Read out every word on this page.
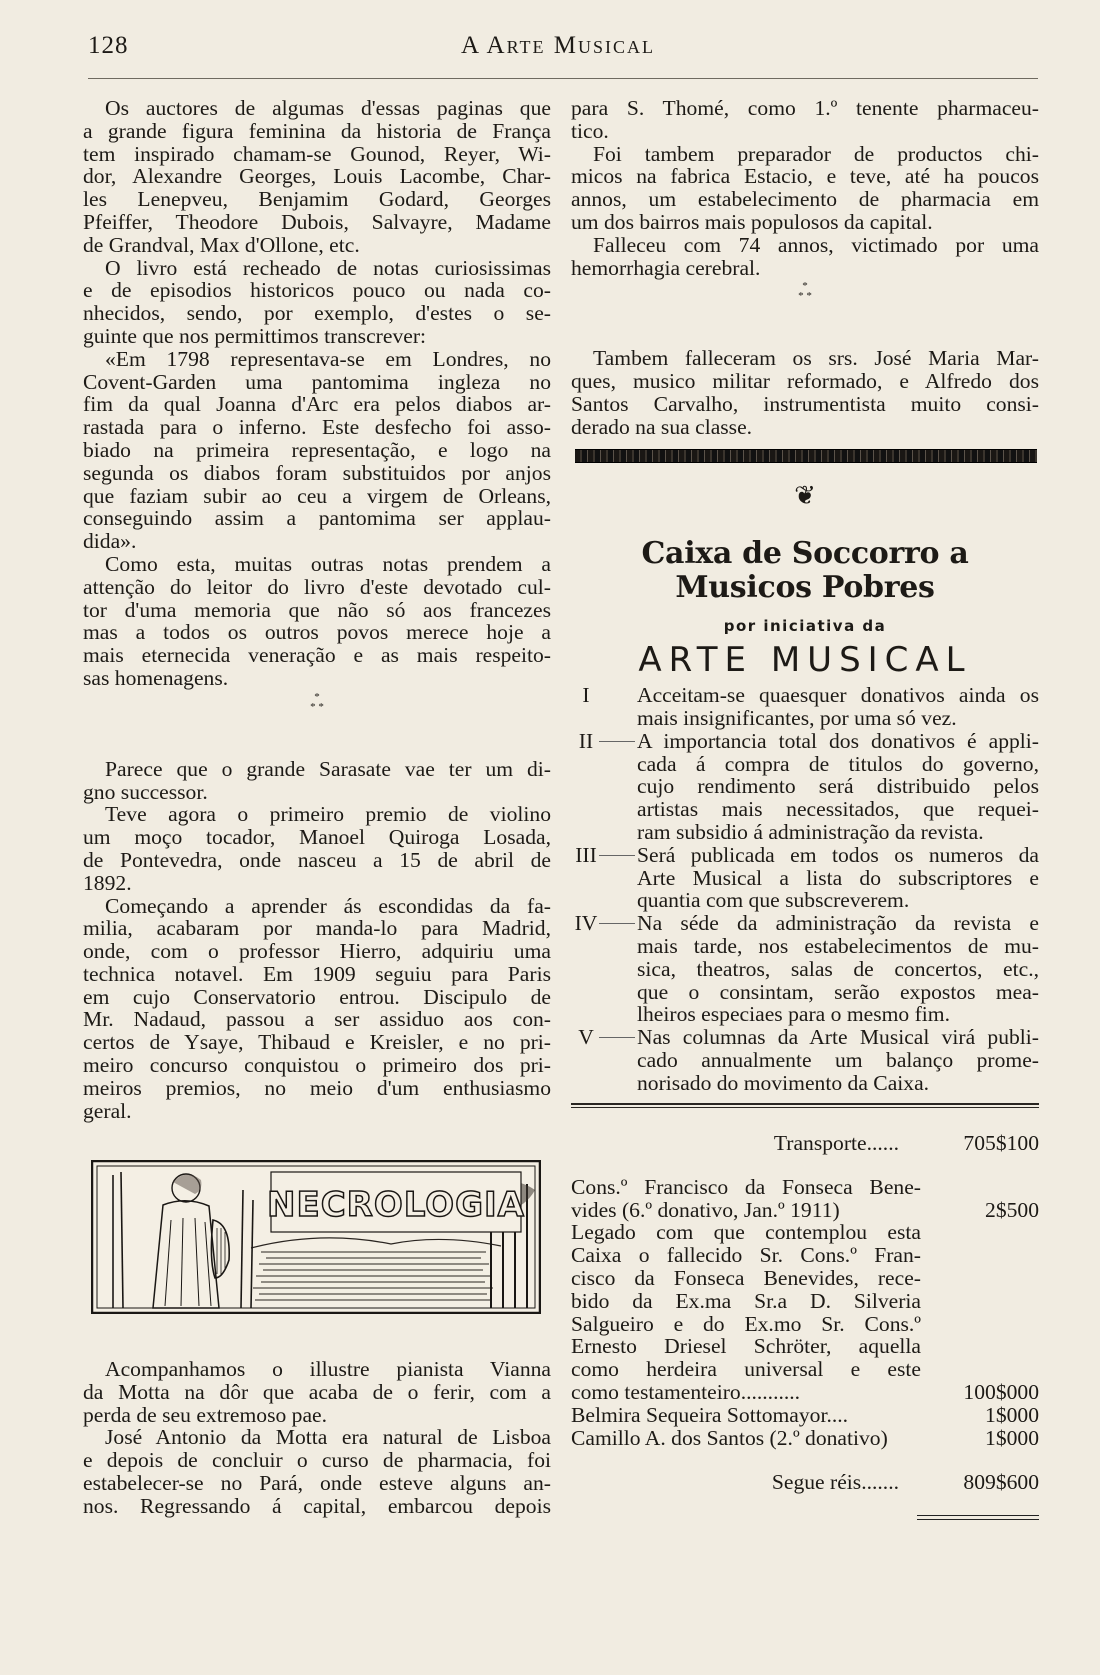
128	A Arte Musical

Os auctores de algumas d'essas paginas que

a grande figura feminina da historia de França

tem inspirado chamam-se Gounod, Reyer, Wi-

dor, Alexandre Georges, Louis Lacombe, Char-

les Lenepveu, Benjamim Godard, Georges

Pfeiffer, Theodore Dubois, Salvayre, Madame

de Grandval, Max d'Ollone, etc.

O livro está recheado de notas curiosissimas

e de episodios historicos pouco ou nada co-

nhecidos, sendo, por exemplo, d'estes o se-

guinte que nos permittimos transcrever:

«Em 1798 representava-se em Londres, no

Covent-Garden uma pantomima ingleza no

fim da qual Joanna d'Arc era pelos diabos ar-

rastada para o inferno. Este desfecho foi asso-

biado na primeira representação, e logo na

segunda os diabos foram substituidos por anjos

que faziam subir ao ceu a virgem de Orleans,

conseguindo assim a pantomima ser applau-

dida».

Como esta, muitas outras notas prendem a

attenção do leitor do livro d'este devotado cul-

tor d'uma memoria que não só aos francezes

mas a todos os outros povos merece hoje a

mais eternecida veneração e as mais respeito-

sas homenagens.

*
* *

Parece que o grande Sarasate vae ter um di-

gno successor.

Teve agora o primeiro premio de violino

um moço tocador, Manoel Quiroga Losada,

de Pontevedra, onde nasceu a 15 de abril de

1892.

Começando a aprender ás escondidas da fa-

milia, acabaram por manda-lo para Madrid,

onde, com o professor Hierro, adquiriu uma

technica notavel. Em 1909 seguiu para Paris

em cujo Conservatorio entrou. Discipulo de

Mr. Nadaud, passou a ser assiduo aos con-

certos de Ysaye, Thibaud e Kreisler, e no pri-

meiro concurso conquistou o primeiro dos pri-

meiros premios, no meio d'um enthusiasmo

geral.

NECROLOGIA

Acompanhamos o illustre pianista Vianna

da Motta na dôr que acaba de o ferir, com a

perda de seu extremoso pae.

José Antonio da Motta era natural de Lisboa

e depois de concluir o curso de pharmacia, foi

estabelecer-se no Pará, onde esteve alguns an-

nos. Regressando á capital, embarcou depois

para S. Thomé, como 1.º tenente pharmaceu-

tico.

Foi tambem preparador de productos chi-

micos na fabrica Estacio, e teve, até ha poucos

annos, um estabelecimento de pharmacia em

um dos bairros mais populosos da capital.

Falleceu com 74 annos, victimado por uma

hemorrhagia cerebral.

*
* *

Tambem falleceram os srs. José Maria Mar-

ques, musico militar reformado, e Alfredo dos

Santos Carvalho, instrumentista muito consi-

derado na sua classe.

❦
Caixa de Soccorro a Musicos Pobres
por iniciativa da
ARTE MUSICAL
I	Acceitam-se quaesquer donativos ainda os

mais insignificantes, por uma só vez.

II	A importancia total dos donativos é appli-

cada á compra de titulos do governo,

cujo rendimento será distribuido pelos

artistas mais necessitados, que requei-

ram subsidio á administração da revista.

III Será publicada em todos os numeros da

Arte Musical a lista do subscriptores e

quantia com que subscreverem.

IV Na séde da administração da revista e

mais tarde, nos estabelecimentos de mu-

sica, theatros, salas de concertos, etc.,

que o consintam, serão expostos mea-

lheiros especiaes para o mesmo fim.

V	Nas columnas da Arte Musical virá publi-

cado annualmente um balanço prome-

norisado do movimento da Caixa.

Transporte......	705$100

Cons.º Francisco da Fonseca Bene-

vides (6.º donativo, Jan.º 1911)	2$500

Legado com que contemplou esta

Caixa o fallecido Sr. Cons.º Fran-

cisco da Fonseca Benevides, rece-

bido da Ex.ma Sr.a D. Silveria

Salgueiro e do Ex.mo Sr. Cons.º

Ernesto Driesel Schröter, aquella

como herdeira universal e este

como testamenteiro...........	100$000

Belmira Sequeira Sottomayor....	1$000

Camillo A. dos Santos (2.º donativo)	1$000

Segue réis.......	809$600
